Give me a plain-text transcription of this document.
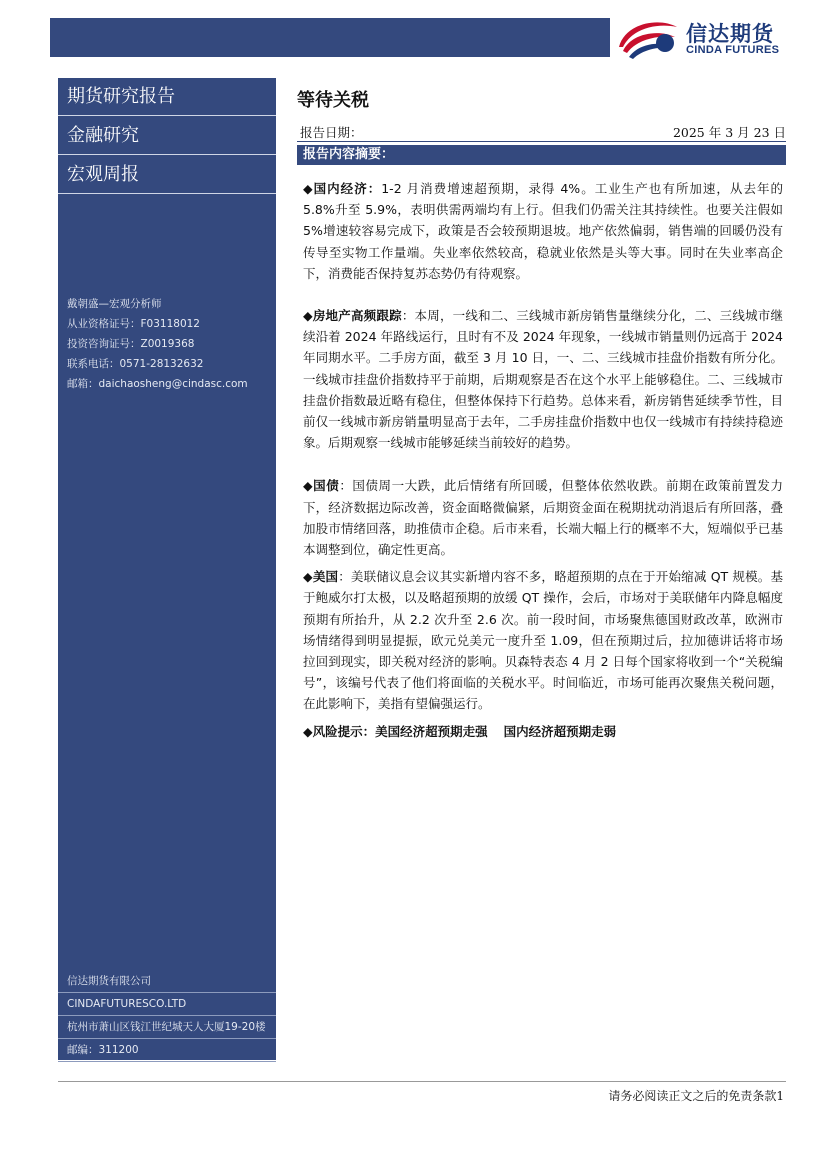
信达期货
CINDA FUTURES
期货研究报告
金融研究
宏观周报
戴朝盛—宏观分析师
从业资格证号：F03118012
投资咨询证号：Z0019368
联系电话：0571-28132632
邮箱：daichaosheng@cindasc.com
信达期货有限公司
CINDAFUTURESCO.LTD
杭州市萧山区钱江世纪城天人大厦19-20楼
邮编：311200
等待关税
报告日期：	2025 年 3 月 23 日
报告内容摘要：

◆国内经济：1-2 月消费增速超预期，录得 4%。工业生产也有所加速，从去年的 5.8%升至 5.9%，表明供需两端均有上行。但我们仍需关注其持续性。也要关注假如 5%增速较容易完成下，政策是否会较预期退坡。地产依然偏弱，销售端的回暖仍没有传导至实物工作量端。失业率依然较高，稳就业依然是头等大事。同时在失业率高企下，消费能否保持复苏态势仍有待观察。

◆房地产高频跟踪：本周，一线和二、三线城市新房销售量继续分化，二、三线城市继续沿着 2024 年路线运行，且时有不及 2024 年现象，一线城市销量则仍远高于 2024 年同期水平。二手房方面，截至 3 月 10 日，一、二、三线城市挂盘价指数有所分化。一线城市挂盘价指数持平于前期，后期观察是否在这个水平上能够稳住。二、三线城市挂盘价指数最近略有稳住，但整体保持下行趋势。总体来看，新房销售延续季节性，目前仅一线城市新房销量明显高于去年，二手房挂盘价指数中也仅一线城市有持续持稳迹象。后期观察一线城市能够延续当前较好的趋势。

◆国债：国债周一大跌，此后情绪有所回暖，但整体依然收跌。前期在政策前置发力下，经济数据边际改善，资金面略微偏紧，后期资金面在税期扰动消退后有所回落，叠加股市情绪回落，助推债市企稳。后市来看，长端大幅上行的概率不大，短端似乎已基本调整到位，确定性更高。

◆美国：美联储议息会议其实新增内容不多，略超预期的点在于开始缩减 QT 规模。基于鲍威尔打太极，以及略超预期的放缓 QT 操作，会后，市场对于美联储年内降息幅度预期有所抬升，从 2.2 次升至 2.6 次。前一段时间，市场聚焦德国财政改革，欧洲市场情绪得到明显提振，欧元兑美元一度升至 1.09，但在预期过后，拉加德讲话将市场拉回到现实，即关税对经济的影响。贝森特表态 4 月 2 日每个国家将收到一个“关税编号”，该编号代表了他们将面临的关税水平。时间临近，市场可能再次聚焦关税问题，在此影响下，美指有望偏强运行。

◆风险提示：美国经济超预期走强 国内经济超预期走弱
请务必阅读正文之后的免责条款1
